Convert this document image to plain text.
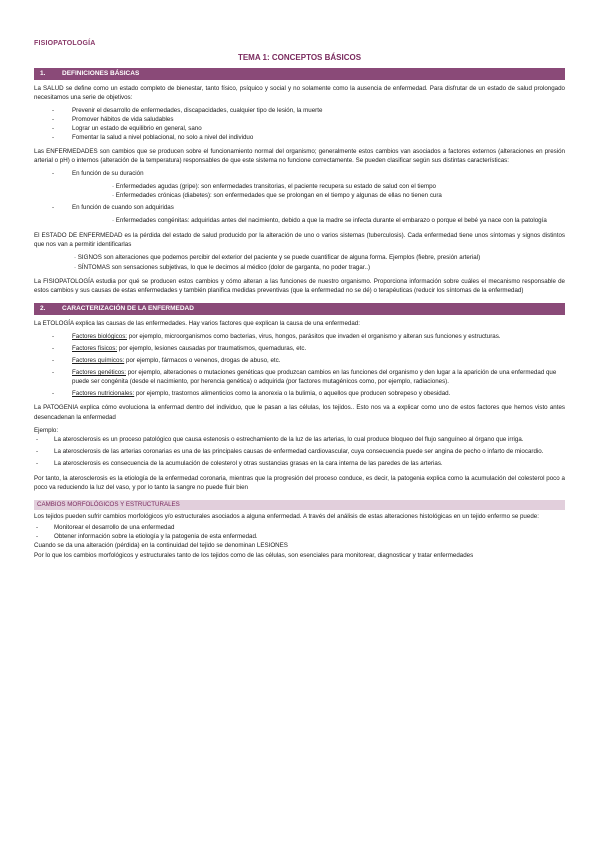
FISIOPATOLOGÍA
TEMA 1: CONCEPTOS BÁSICOS
1.	DEFINICIONES BÁSICAS

La SALUD se define como un estado completo de bienestar, tanto físico, psíquico y social y no solamente como la ausencia de enfermedad. Para disfrutar de un estado de salud prolongado necesitamos una serie de objetivos:

- Prevenir el desarrollo de enfermedades, discapacidades, cualquier tipo de lesión, la muerte
- Promover hábitos de vida saludables
- Lograr un estado de equilibrio en general, sano
- Fomentar la salud a nivel poblacional, no solo a nivel del individuo

Las ENFERMEDADES son cambios que se producen sobre el funcionamiento normal del organismo; generalmente estos cambios van asociados a factores externos (alteraciones en presión arterial o pH) o internos (alteración de la temperatura) responsables de que este sistema no funcione correctamente. Se pueden clasificar según sus distintas características:

- En función de su duración
· Enfermedades agudas (gripe): son enfermedades transitorias, el paciente recupera su estado de salud con el tiempo
· Enfermedades crónicas (diabetes): son enfermedades que se prolongan en el tiempo y algunas de ellas no tienen cura
- En función de cuando son adquiridas
· Enfermedades congénitas: adquiridas antes del nacimiento, debido a que la madre se infecta durante el embarazo o porque el bebé ya nace con la patología

El ESTADO DE ENFERMEDAD es la pérdida del estado de salud producido por la alteración de uno o varios sistemas (tuberculosis). Cada enfermedad tiene unos síntomas y signos distintos que nos van a permitir identificarlas

· SIGNOS son alteraciones que podemos percibir del exterior del paciente y se puede cuantificar de alguna forma. Ejemplos (fiebre, presión arterial)
· SÍNTOMAS son sensaciones subjetivas, lo que le decimos al médico (dolor de garganta, no poder tragar..)

La FISIOPATOLOGÍA estudia por qué se producen estos cambios y cómo alteran a las funciones de nuestro organismo. Proporciona información sobre cuáles el mecanismo responsable de estos cambios y sus causas de estas enfermedades y también planifica medidas preventivas (que la enfermedad no se dé) o terapéuticas (reducir los síntomas de la enfermedad)

2.	CARACTERIZACIÓN DE LA ENFERMEDAD

La ETOLOGÍA explica las causas de las enfermedades. Hay varios factores que explican la causa de una enfermedad:

- Factores biológicos: por ejemplo, microorganismos como bacterias, virus, hongos, parásitos que invaden el organismo y alteran sus funciones y estructuras.
- Factores físicos: por ejemplo, lesiones causadas por traumatismos, quemaduras, etc.
- Factores químicos: por ejemplo, fármacos o venenos, drogas de abuso, etc.
- Factores genéticos: por ejemplo, alteraciones o mutaciones genéticas que produzcan cambios en las funciones del organismo y den lugar a la aparición de una enfermedad que puede ser congénita (desde el nacimiento, por herencia genética) o adquirida (por factores mutagénicos como, por ejemplo, radiaciones).
- Factores nutricionales: por ejemplo, trastornos alimenticios como la anorexia o la bulimia, o aquellos que producen sobrepeso y obesidad.

La PATOGENIA explica cómo evoluciona la enfermad dentro del individuo, que le pasan a las células, los tejidos.. Esto nos va a explicar como uno de estos factores que hemos visto antes desencadenan la enfermedad

Ejemplo:
- La aterosclerosis es un proceso patológico que causa estenosis o estrechamiento de la luz de las arterias, lo cual produce bloqueo del flujo sanguíneo al órgano que irriga.
- La aterosclerosis de las arterias coronarias es una de las principales causas de enfermedad cardiovascular, cuya consecuencia puede ser angina de pecho o infarto de miocardio.
- La aterosclerosis es consecuencia de la acumulación de colesterol y otras sustancias grasas en la cara interna de las paredes de las arterias.

Por tanto, la aterosclerosis es la etiología de la enfermedad coronaria, mientras que la progresión del proceso conduce, es decir, la patogenia explica como la acumulación del colesterol poco a poco va reduciendo la luz del vaso, y por lo tanto la sangre no puede fluir bien

CAMBIOS MORFOLÓGICOS Y ESTRUCTURALES

Los tejidos pueden sufrir cambios morfológicos y/o estructurales asociados a alguna enfermedad. A través del análisis de estas alteraciones histológicas en un tejido enfermo se puede:

- Monitorear el desarrollo de una enfermedad
- Obtener información sobre la etiología y la patogenia de esta enfermedad.
Cuando se da una alteración (pérdida) en la continuidad del tejido se denominan LESIONES

Por lo que los cambios morfológicos y estructurales tanto de los tejidos como de las células, son esenciales para monitorear, diagnosticar y tratar enfermedades
